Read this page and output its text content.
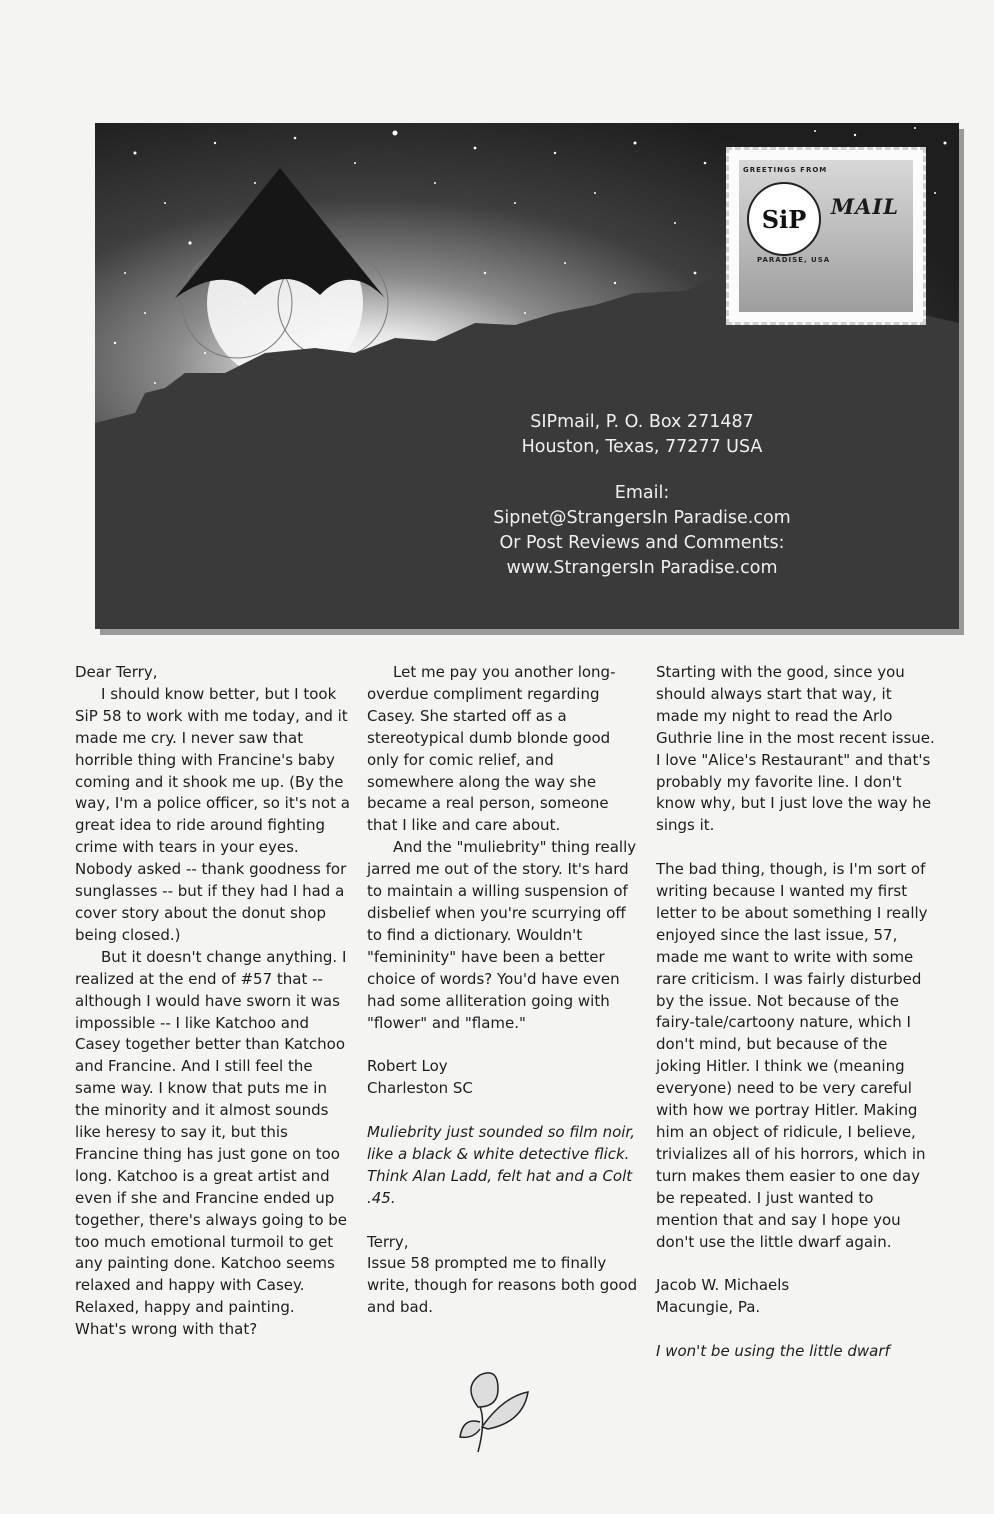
SIPmail, P. O. Box 271487
Houston, Texas, 77277 USA
Email:
Sipnet@StrangersIn Paradise.com
Or Post Reviews and Comments:
www.StrangersIn Paradise.com
SiP
GREETINGS FROM
PARADISE, USA
MAIL

Dear Terry,

I should know better, but I took SiP 58 to work with me today, and it made me cry. I never saw that horrible thing with Francine's baby coming and it shook me up. (By the way, I'm a police officer, so it's not a great idea to ride around fighting crime with tears in your eyes. Nobody asked -- thank goodness for sunglasses -- but if they had I had a cover story about the donut shop being closed.)

But it doesn't change anything. I realized at the end of #57 that -- although I would have sworn it was impossible -- I like Katchoo and Casey together better than Katchoo and Francine. And I still feel the same way. I know that puts me in the minority and it almost sounds like heresy to say it, but this Francine thing has just gone on too long. Katchoo is a great artist and even if she and Francine ended up together, there's always going to be too much emotional turmoil to get any painting done. Katchoo seems relaxed and happy with Casey. Relaxed, happy and painting. What's wrong with that?

Let me pay you another long-overdue compliment regarding Casey. She started off as a stereotypical dumb blonde good only for comic relief, and somewhere along the way she became a real person, someone that I like and care about.

And the "muliebrity" thing really jarred me out of the story. It's hard to maintain a willing suspension of disbelief when you're scurrying off to find a dictionary. Wouldn't "femininity" have been a better choice of words? You'd have even had some alliteration going with "flower" and "flame."

Robert Loy

Charleston SC

Muliebrity just sounded so film noir, like a black & white detective flick. Think Alan Ladd, felt hat and a Colt .45.

Terry,

Issue 58 prompted me to finally write, though for reasons both good and bad.

Starting with the good, since you should always start that way, it made my night to read the Arlo Guthrie line in the most recent issue. I love "Alice's Restaurant" and that's probably my favorite line. I don't know why, but I just love the way he sings it.

The bad thing, though, is I'm sort of writing because I wanted my first letter to be about something I really enjoyed since the last issue, 57, made me want to write with some rare criticism. I was fairly disturbed by the issue. Not because of the fairy-tale/cartoony nature, which I don't mind, but because of the joking Hitler. I think we (meaning everyone) need to be very careful with how we portray Hitler. Making him an object of ridicule, I believe, trivializes all of his horrors, which in turn makes them easier to one day be repeated. I just wanted to mention that and say I hope you don't use the little dwarf again.

Jacob W. Michaels

Macungie, Pa.

I won't be using the little dwarf
